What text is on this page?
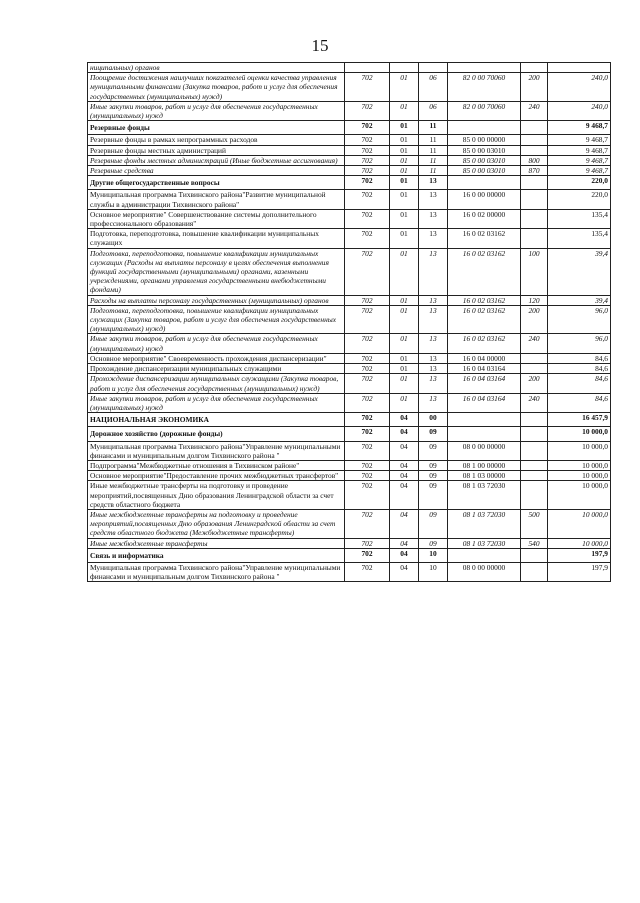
15
ниципальных) органов						
Поощрение достижения наилучших показателей оценки качества управления муниципальными финансами (Закупка товаров, работ и услуг для обеспечения государственных (муниципальных) нужд)	702	01	06	82 0 00 70060	200	240,0
Иные закупки товаров, работ и услуг для обеспечения государственных (муниципальных) нужд	702	01	06	82 0 00 70060	240	240,0
Резервные фонды	702	01	11			9 468,7
Резервные фонды в рамках непрограммных расходов	702	01	11	85 0 00 00000		9 468,7
Резервные фонды местных администраций	702	01	11	85 0 00 03010		9 468,7
Резервные фонды местных администраций (Иные бюджетные ассигнования)	702	01	11	85 0 00 03010	800	9 468,7
Резервные средства	702	01	11	85 0 00 03010	870	9 468,7
Другие общегосударственные вопросы	702	01	13			220,0
Муниципальная программа Тихвинского района"Развитие муниципальной службы в администрации Тихвинского района"	702	01	13	16 0 00 00000		220,0
Основное мероприятие" Совершенствование системы дополнительного профессионального образования"	702	01	13	16 0 02 00000		135,4
Подготовка, переподготовка, повышение квалификации муниципальных служащих	702	01	13	16 0 02 03162		135,4
Подготовка, переподготовка, повышение квалификации муниципальных служащих (Расходы на выплаты персоналу в целях обеспечения выполнения функций государственными (муниципальными) органами, казенными учреждениями, органами управления государственными внебюджетными фондами)	702	01	13	16 0 02 03162	100	39,4
Расходы на выплаты персоналу государственных (муниципальных) органов	702	01	13	16 0 02 03162	120	39,4
Подготовка, переподготовка, повышение квалификации муниципальных служащих (Закупка товаров, работ и услуг для обеспечения государственных (муниципальных) нужд)	702	01	13	16 0 02 03162	200	96,0
Иные закупки товаров, работ и услуг для обеспечения государственных (муниципальных) нужд	702	01	13	16 0 02 03162	240	96,0
Основное мероприятие" Своевременность прохождения диспансеризации"	702	01	13	16 0 04 00000		84,6
Прохождение диспансеризации муниципальных служащими	702	01	13	16 0 04 03164		84,6
Прохождение диспансеризации муниципальных служащими (Закупка товаров, работ и услуг для обеспечения государственных (муниципальных) нужд)	702	01	13	16 0 04 03164	200	84,6
Иные закупки товаров, работ и услуг для обеспечения государственных (муниципальных) нужд	702	01	13	16 0 04 03164	240	84,6
НАЦИОНАЛЬНАЯ ЭКОНОМИКА	702	04	00			16 457,9
Дорожное хозяйство (дорожные фонды)	702	04	09			10 000,0
Муниципальная программа Тихвинского района"Управление муниципальными финансами и муниципальным долгом Тихвинского района "	702	04	09	08 0 00 00000		10 000,0
Подпрограмма"Межбюджетные отношения в Тихвинском районе"	702	04	09	08 1 00 00000		10 000,0
Основное мероприятие"Предоставление прочих межбюджетных трансфертов"	702	04	09	08 1 03 00000		10 000,0
Иные межбюджетные трансферты на подготовку и проведение мероприятий,посвященных Дню образования Ленинградской области за счет средств областного бюджета	702	04	09	08 1 03 72030		10 000,0
Иные межбюджетные трансферты на подготовку и проведение мероприятий,посвященных Дню образования Ленинградской области за счет средств областного бюджета (Межбюджетные трансферты)	702	04	09	08 1 03 72030	500	10 000,0
Иные межбюджетные трансферты	702	04	09	08 1 03 72030	540	10 000,0
Связь и информатика	702	04	10			197,9
Муниципальная программа Тихвинского района"Управление муниципальными финансами и муниципальным долгом Тихвинского района "	702	04	10	08 0 00 00000		197,9
